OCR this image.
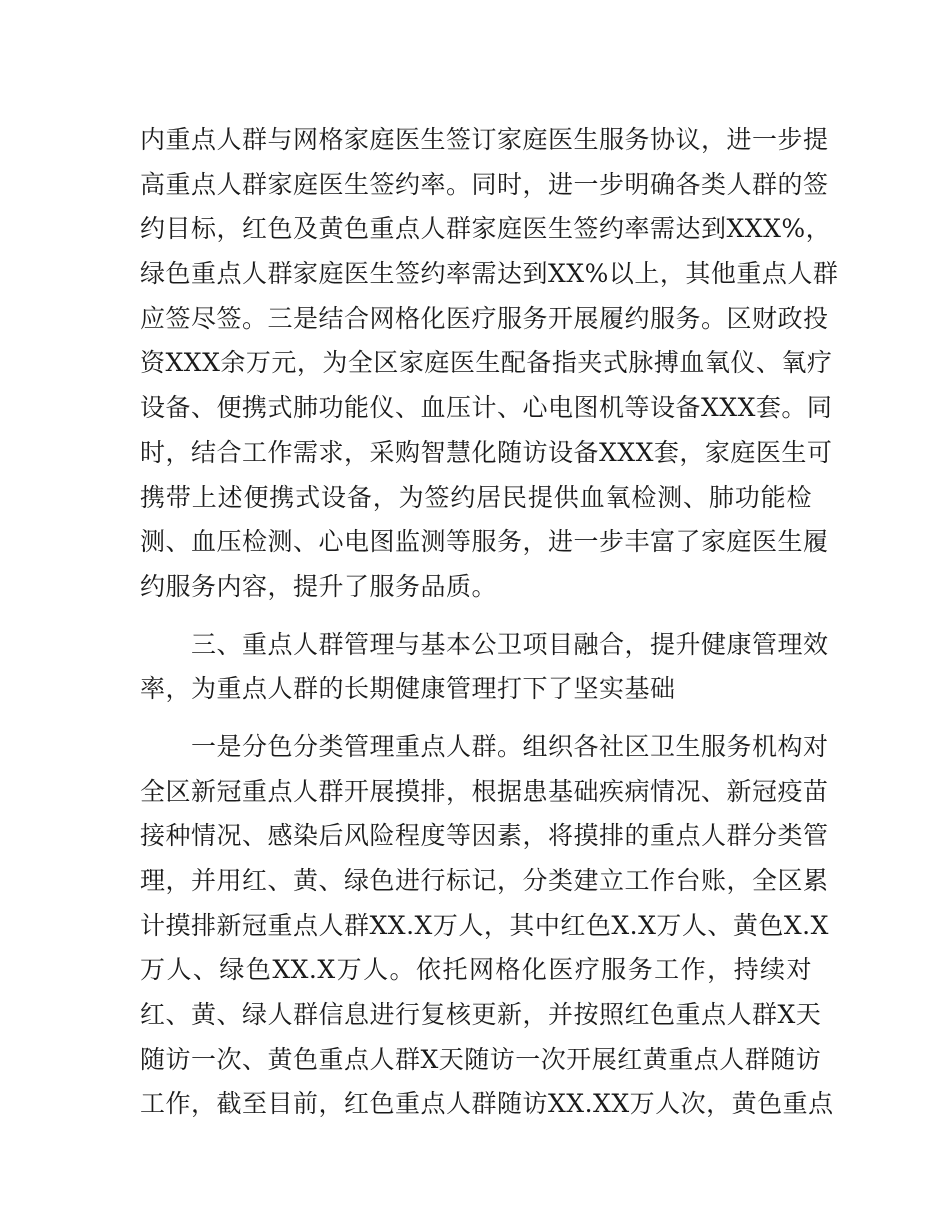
内重点人群与网格家庭医生签订家庭医生服务协议，进一步提
高重点人群家庭医生签约率。同时，进一步明确各类人群的签
约目标，红色及黄色重点人群家庭医生签约率需达到XXX%，
绿色重点人群家庭医生签约率需达到XX%以上，其他重点人群
应签尽签。三是结合网格化医疗服务开展履约服务。区财政投
资XXX余万元，为全区家庭医生配备指夹式脉搏血氧仪、氧疗
设备、便携式肺功能仪、血压计、心电图机等设备XXX套。同
时，结合工作需求，采购智慧化随访设备XXX套，家庭医生可
携带上述便携式设备，为签约居民提供血氧检测、肺功能检
测、血压检测、心电图监测等服务，进一步丰富了家庭医生履
约服务内容，提升了服务品质。
　　三、重点人群管理与基本公卫项目融合，提升健康管理效
率，为重点人群的长期健康管理打下了坚实基础
　　一是分色分类管理重点人群。组织各社区卫生服务机构对
全区新冠重点人群开展摸排，根据患基础疾病情况、新冠疫苗
接种情况、感染后风险程度等因素，将摸排的重点人群分类管
理，并用红、黄、绿色进行标记，分类建立工作台账，全区累
计摸排新冠重点人群XX.X万人，其中红色X.X万人、黄色X.X
万人、绿色XX.X万人。依托网格化医疗服务工作，持续对
红、黄、绿人群信息进行复核更新，并按照红色重点人群X天
随访一次、黄色重点人群X天随访一次开展红黄重点人群随访
工作，截至目前，红色重点人群随访XX.XX万人次，黄色重点
